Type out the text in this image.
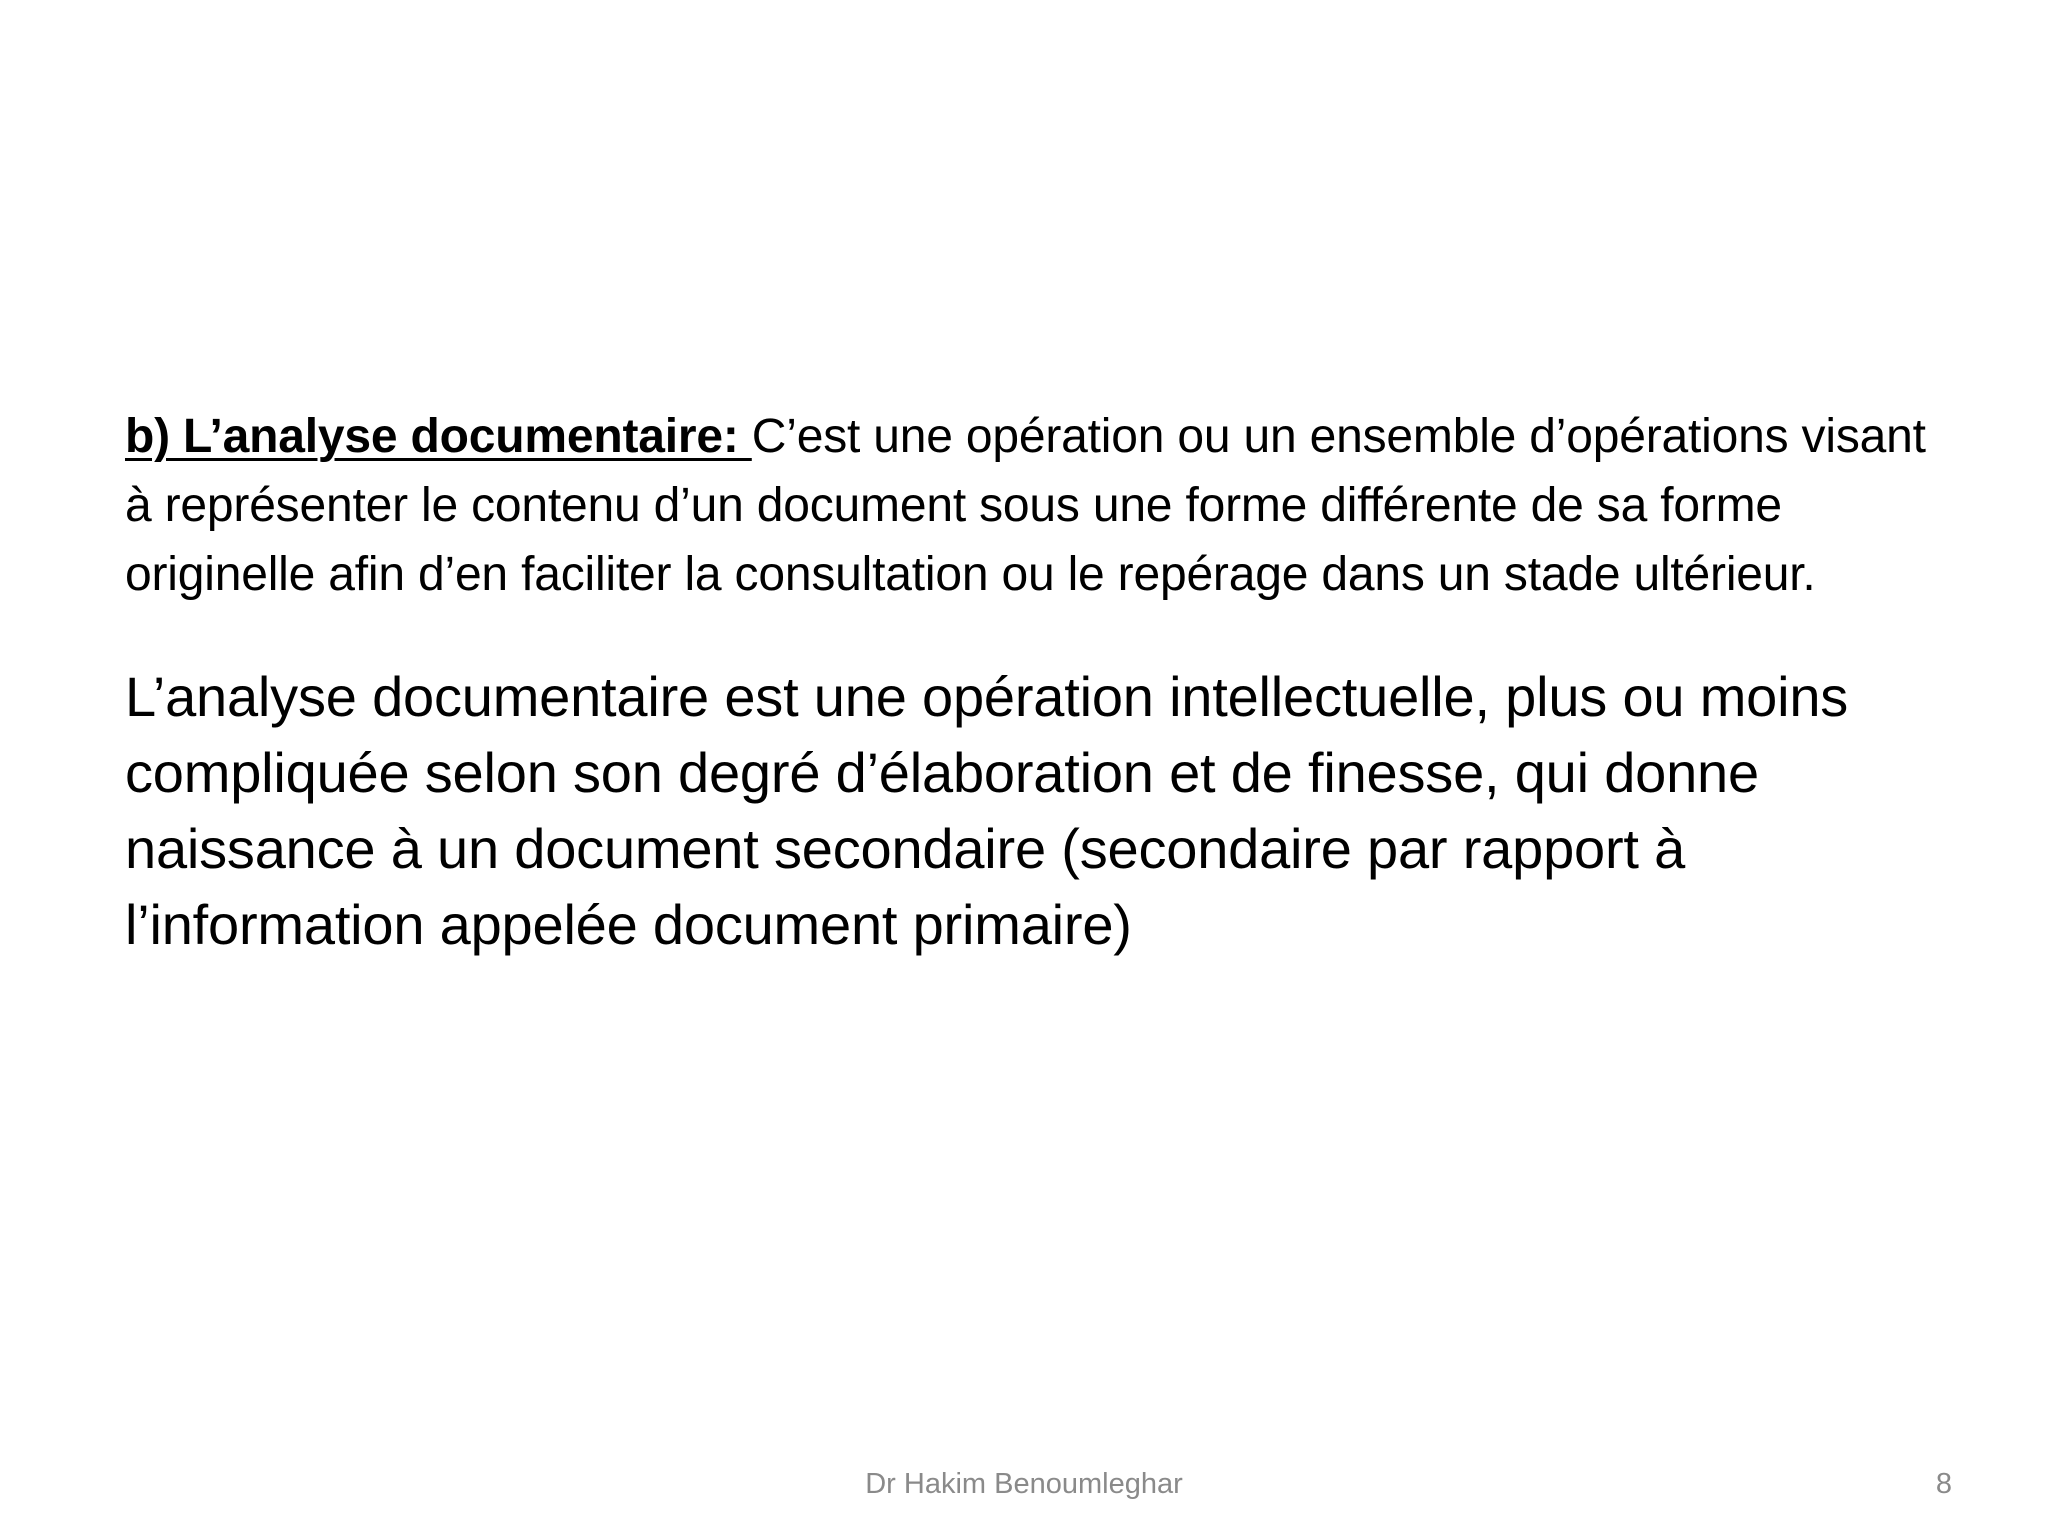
b) L’analyse documentaire: C’est une opération ou un ensemble d’opérations visant à représenter le contenu d’un document sous une forme différente de sa forme originelle afin d’en faciliter la consultation ou le repérage dans un stade ultérieur.

L’analyse documentaire est une opération intellectuelle, plus ou moins compliquée selon son degré d’élaboration et de finesse, qui donne naissance à un document secondaire (secondaire par rapport à l’information appelée document primaire)

Dr Hakim Benoumleghar	8
